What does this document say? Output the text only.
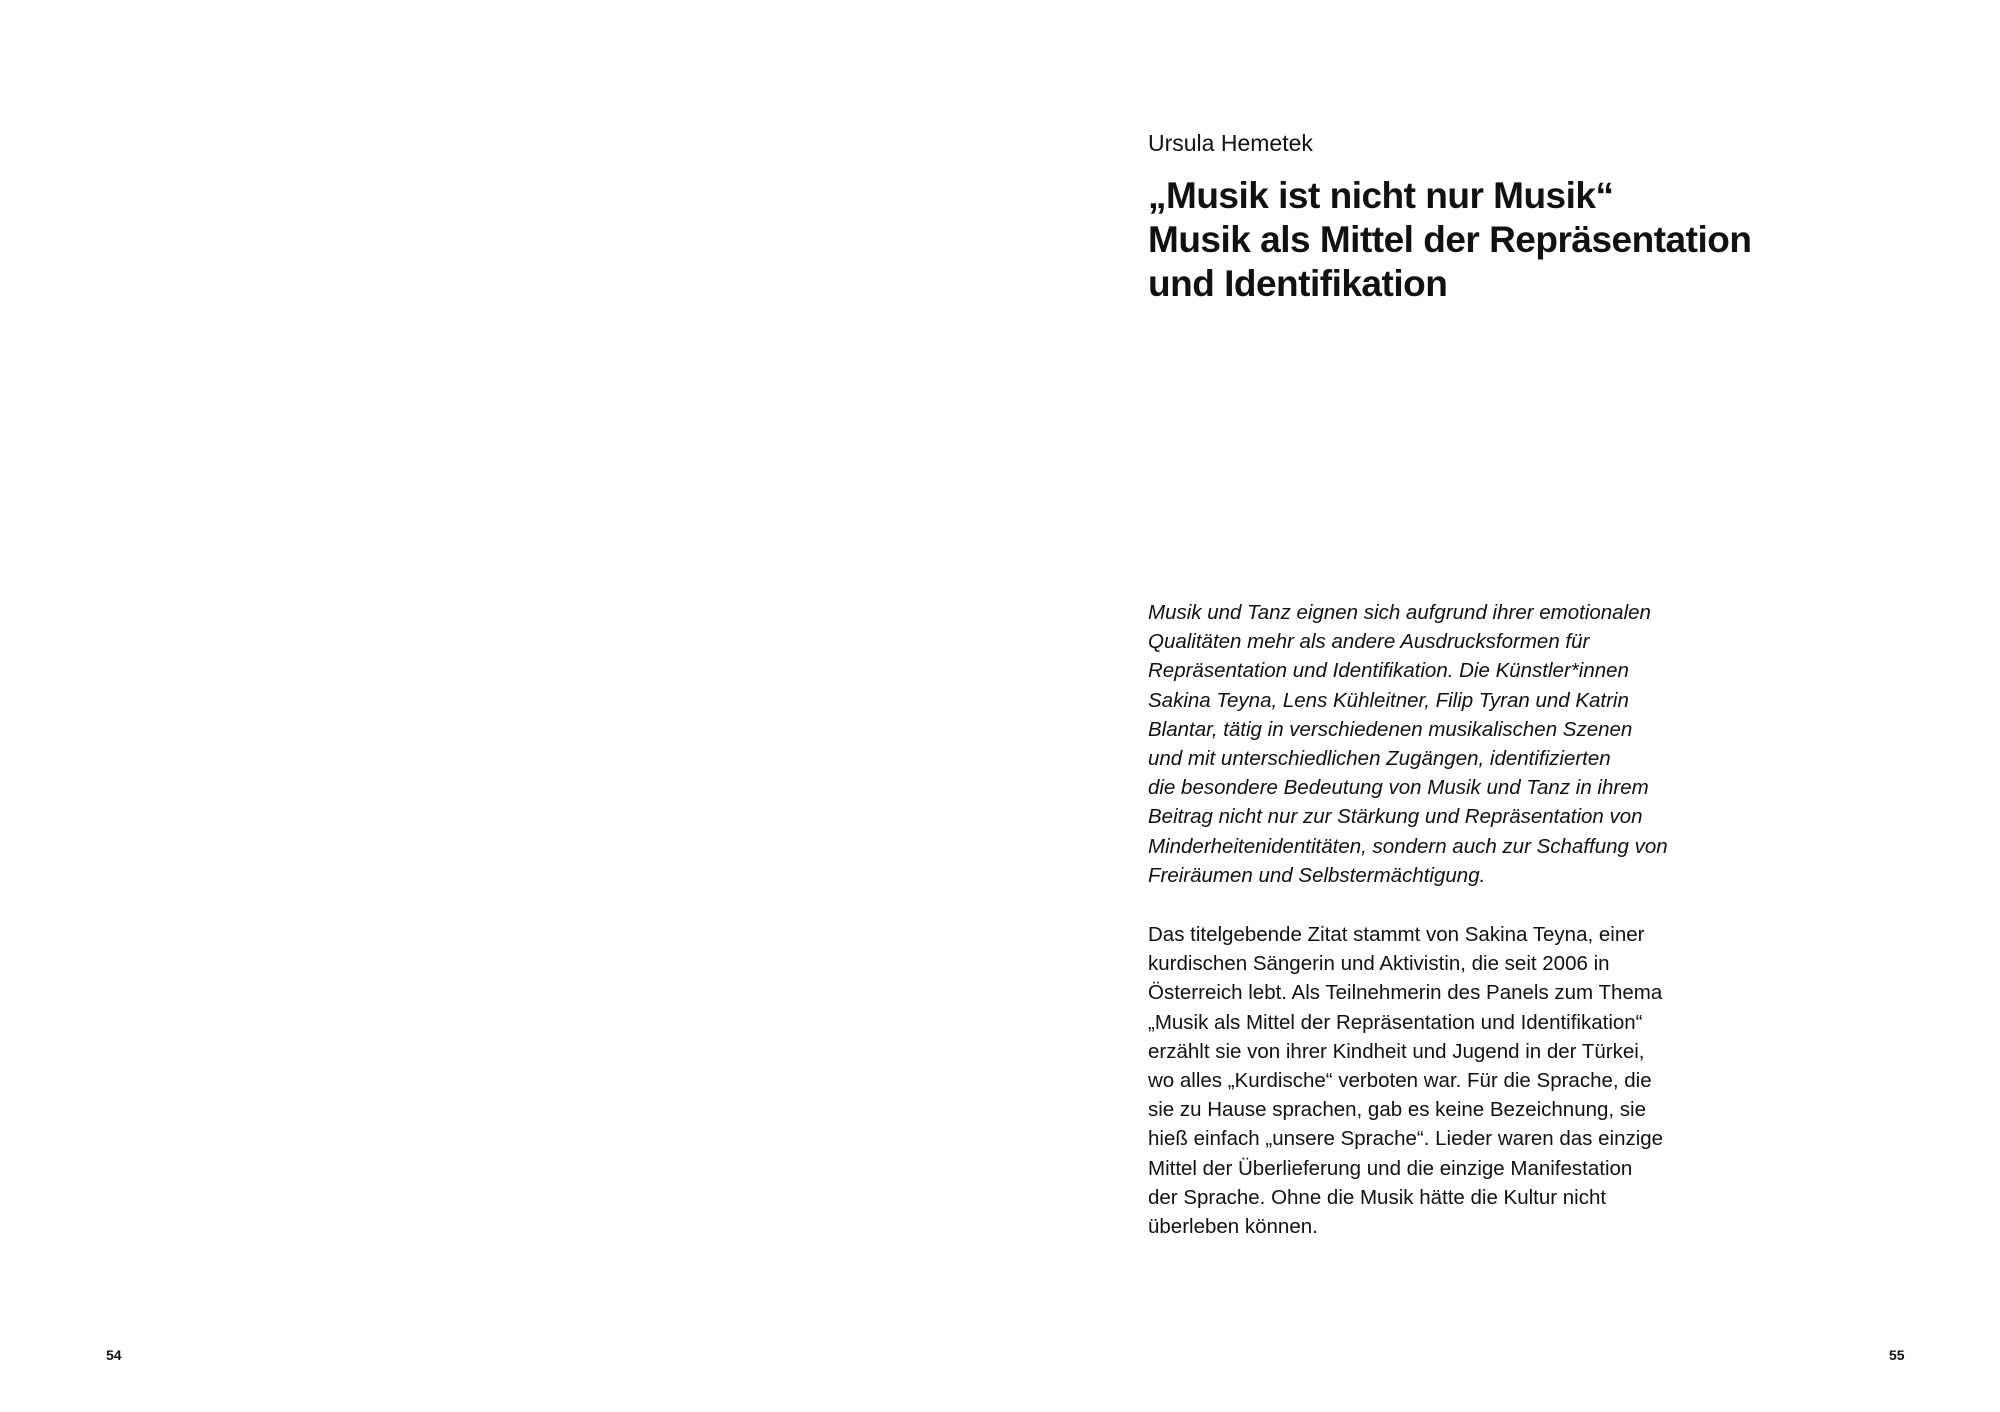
54

Ursula Hemetek

„Musik ist nicht nur Musik“
Musik als Mittel der Repräsentation
und Identifikation

Musik und Tanz eignen sich aufgrund ihrer emotionalen
Qualitäten mehr als andere Ausdrucksformen für
Repräsentation und Identifikation. Die Künstler*innen
Sakina Teyna, Lens Kühleitner, Filip Tyran und Katrin
Blantar, tätig in verschiedenen musikalischen Szenen
und mit unterschiedlichen Zugängen, identifizierten
die besondere Bedeutung von Musik und Tanz in ihrem
Beitrag nicht nur zur Stärkung und Repräsentation von
Minderheitenidentitäten, sondern auch zur Schaffung von
Freiräumen und Selbstermächtigung.

Das titelgebende Zitat stammt von Sakina Teyna, einer
kurdischen Sängerin und Aktivistin, die seit 2006 in
Österreich lebt. Als Teilnehmerin des Panels zum Thema
„Musik als Mittel der Repräsentation und Identifikation“
erzählt sie von ihrer Kindheit und Jugend in der Türkei,
wo alles „Kurdische“ verboten war. Für die Sprache, die
sie zu Hause sprachen, gab es keine Bezeichnung, sie
hieß einfach „unsere Sprache“. Lieder waren das einzige
Mittel der Überlieferung und die einzige Manifestation
der Sprache. Ohne die Musik hätte die Kultur nicht
überleben können.

55
